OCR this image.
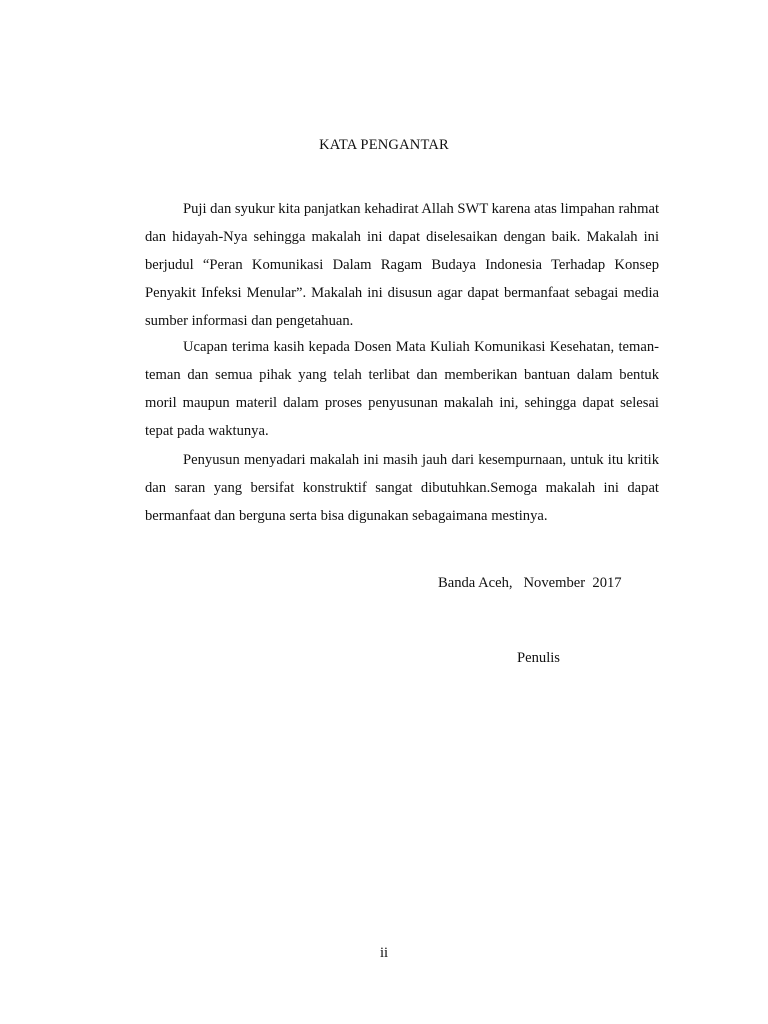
KATA PENGANTAR

Puji dan syukur kita panjatkan kehadirat Allah SWT karena atas limpahan rahmat dan hidayah-Nya sehingga makalah ini dapat diselesaikan dengan baik. Makalah ini berjudul “Peran Komunikasi Dalam Ragam Budaya Indonesia Terhadap Konsep Penyakit Infeksi Menular”. Makalah ini disusun agar dapat bermanfaat sebagai media sumber informasi dan pengetahuan.

Ucapan terima kasih kepada Dosen Mata Kuliah Komunikasi Kesehatan, teman-teman dan semua pihak yang telah terlibat dan memberikan bantuan dalam bentuk moril maupun materil dalam proses penyusunan makalah ini, sehingga dapat selesai tepat pada waktunya.

Penyusun menyadari makalah ini masih jauh dari kesempurnaan, untuk itu kritik dan saran yang bersifat konstruktif sangat dibutuhkan.Semoga makalah ini dapat bermanfaat dan berguna serta bisa digunakan sebagaimana mestinya.

Banda Aceh,   November  2017

Penulis

ii
